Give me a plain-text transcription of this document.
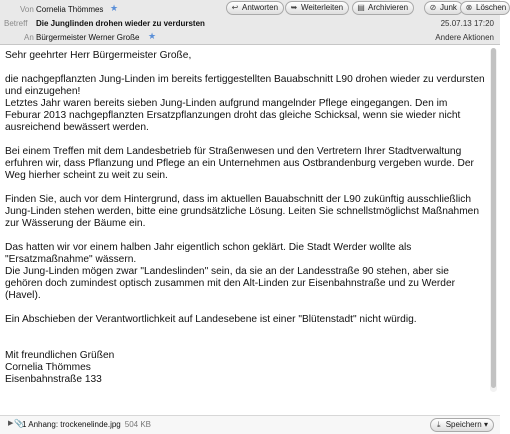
Von Cornelia Thömmes ★
Betreff Die Junglinden drohen wieder zu verdursten
An Bürgermeister Werner Große ★
↩ Antworten	➥ Weiterleiten	▤ Archivieren	⊘ Junk	⊗ Löschen
25.07.13 17:20
Andere Aktionen

Sehr geehrter Herr Bürgermeister Große,

die nachgepflanzten Jung-Linden im bereits fertiggestellten Bauabschnitt L90 drohen wieder zu verdursten und einzugehen!
Letztes Jahr waren bereits sieben Jung-Linden aufgrund mangelnder Pflege eingegangen. Den im Feburar 2013 nachgepflanzten Ersatzpflanzungen droht das gleiche Schicksal, wenn sie wieder nicht ausreichend bewässert werden.

Bei einem Treffen mit dem Landesbetrieb für Straßenwesen und den Vertretern Ihrer Stadtverwaltung erfuhren wir, dass Pflanzung und Pflege an ein Unternehmen aus Ostbrandenburg vergeben wurde. Der Weg hierher scheint zu weit zu sein.

Finden Sie, auch vor dem Hintergrund, dass im aktuellen Bauabschnitt der L90 zukünftig ausschließlich Jung-Linden stehen werden, bitte eine grundsätzliche Lösung. Leiten Sie schnellstmöglichst Maßnahmen zur Wässerung der Bäume ein.

Das hatten wir vor einem halben Jahr eigentlich schon geklärt. Die Stadt Werder wollte als "Ersatzmaßnahme" wässern.
Die Jung-Linden mögen zwar "Landeslinden" sein, da sie an der Landesstraße 90 stehen, aber sie gehören doch zumindest optisch zusammen mit den Alt-Linden zur Eisenbahnstraße und zu Werder (Havel).

Ein Abschieben der Verantwortlichkeit auf Landesebene ist einer "Blütenstadt" nicht würdig.

Mit freundlichen Grüßen
Cornelia Thömmes
Eisenbahnstraße 133
▶ 📎
1 Anhang: trockenelinde.jpg 504 KB	⤓ Speichern ▾
